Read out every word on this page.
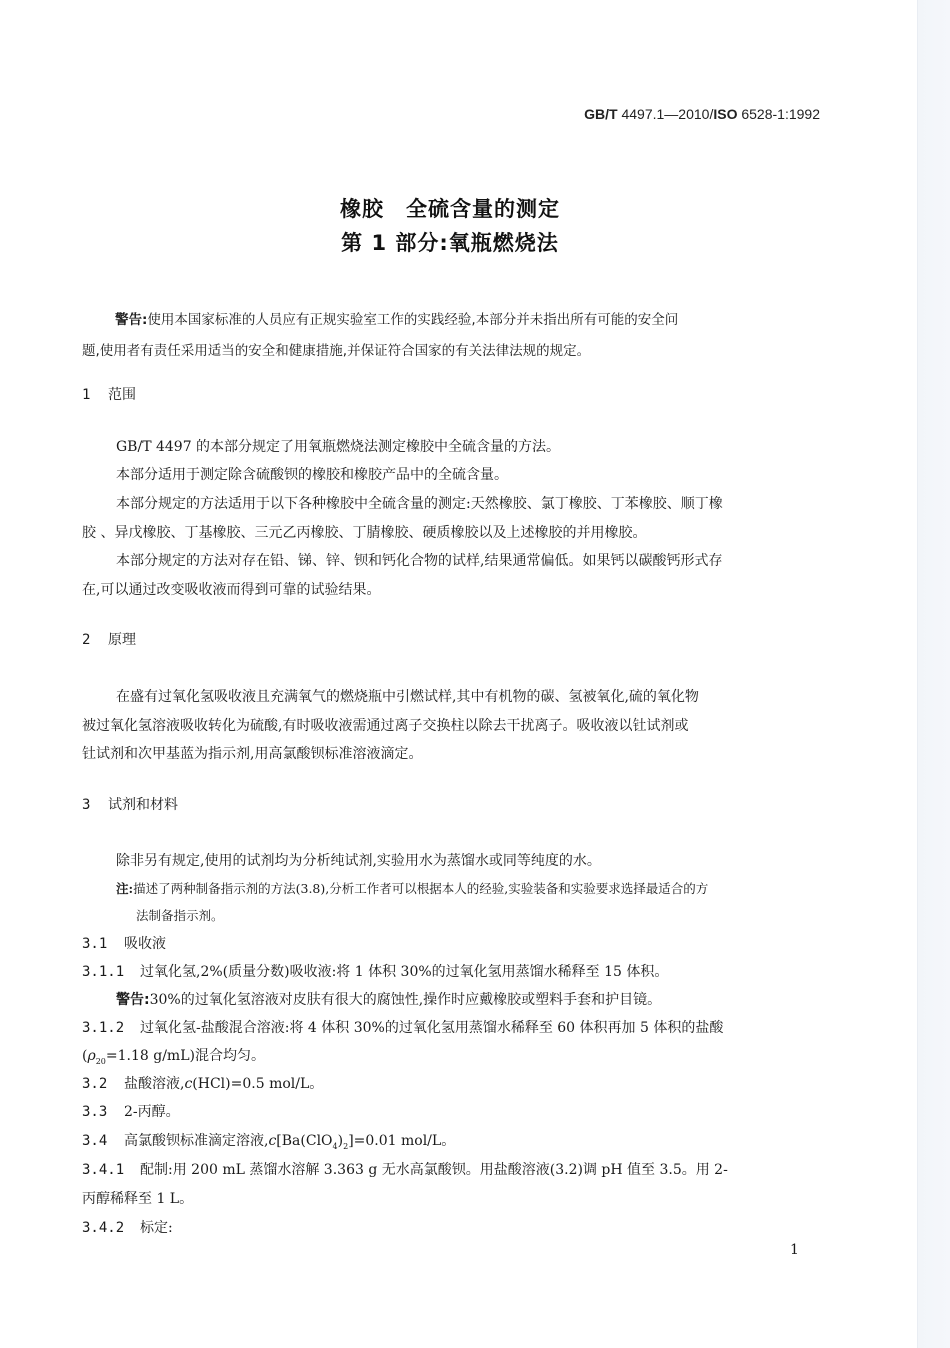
GB/T 4497.1—2010/ISO 6528-1:1992
橡胶　全硫含量的测定
第 1 部分:氧瓶燃烧法
警告:使用本国家标准的人员应有正规实验室工作的实践经验,本部分并未指出所有可能的安全问
题,使用者有责任采用适当的安全和健康措施,并保证符合国家的有关法律法规的规定。
1 范围
GB/T 4497 的本部分规定了用氧瓶燃烧法测定橡胶中全硫含量的方法。
本部分适用于测定除含硫酸钡的橡胶和橡胶产品中的全硫含量。
本部分规定的方法适用于以下各种橡胶中全硫含量的测定:天然橡胶、氯丁橡胶、丁苯橡胶、顺丁橡
胶 、异戊橡胶、丁基橡胶、三元乙丙橡胶、丁腈橡胶、硬质橡胶以及上述橡胶的并用橡胶。
本部分规定的方法对存在铅、锑、锌、钡和钙化合物的试样,结果通常偏低。如果钙以碳酸钙形式存
在,可以通过改变吸收液而得到可靠的试验结果。
2 原理
在盛有过氧化氢吸收液且充满氧气的燃烧瓶中引燃试样,其中有机物的碳、氢被氧化,硫的氧化物
被过氧化氢溶液吸收转化为硫酸,有时吸收液需通过离子交换柱以除去干扰离子。吸收液以钍试剂或
钍试剂和次甲基蓝为指示剂,用高氯酸钡标准溶液滴定。
3 试剂和材料
除非另有规定,使用的试剂均为分析纯试剂,实验用水为蒸馏水或同等纯度的水。
注:描述了两种制备指示剂的方法(3.8),分析工作者可以根据本人的经验,实验装备和实验要求选择最适合的方
法制备指示剂。
3.1 吸收液
3.1.1 过氧化氢,2%(质量分数)吸收液:将 1 体积 30%的过氧化氢用蒸馏水稀释至 15 体积。
警告:30%的过氧化氢溶液对皮肤有很大的腐蚀性,操作时应戴橡胶或塑料手套和护目镜。
3.1.2 过氧化氢-盐酸混合溶液:将 4 体积 30%的过氧化氢用蒸馏水稀释至 60 体积再加 5 体积的盐酸
($\rho_{20}=1.18$ g/mL)混合均匀。
3.2 盐酸溶液,c(HCl)=0.5 mol/L。
3.3 2-丙醇。
3.4 高氯酸钡标准滴定溶液$,c[Ba(ClO_4)_2]=0.01$ mol/L。
3.4.1 配制:用 200 mL 蒸馏水溶解 3.363 g 无水高氯酸钡。用盐酸溶液(3.2)调 pH 值至 3.5。用 2-
丙醇稀释至 1 L。
3.4.2 标定:
1
